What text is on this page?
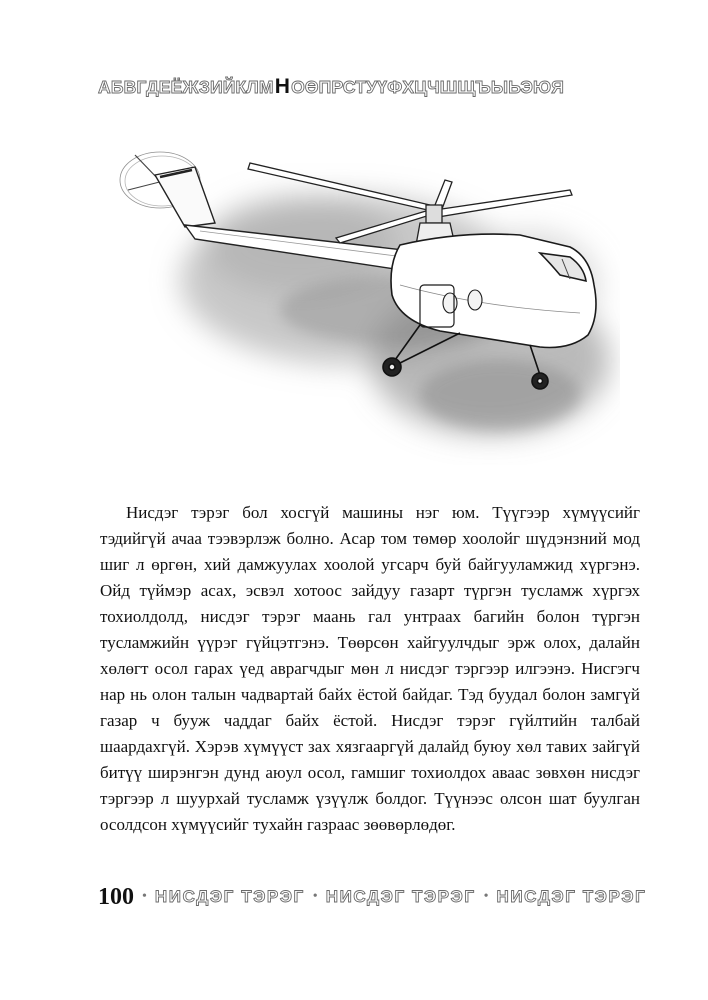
АБВГДЕЁЖЗИЙКЛМ Н ОӨПРСТУҮФХЦЧШЩЪЫЬЭЮЯ

Нисдэг тэрэг бол хосгүй машины нэг юм. Түүгээр хүмүүсийг тэдийгүй ачаа тээвэрлэж болно. Асар том төмөр хоолойг шүдэнзний мод шиг л өргөн, хий дамжуулах хоолой угсарч буй байгууламжид хүргэнэ. Ойд түймэр асах, эсвэл хотоос зайдуу газарт түргэн тусламж хүргэх тохиолдолд, нисдэг тэрэг маань гал унтраах багийн болон түргэн тусламжийн үүрэг гүйцэтгэнэ. Төөрсөн хайгуулчдыг эрж олох, далайн хөлөгт осол гарах үед аврагчдыг мөн л нисдэг тэргээр илгээнэ. Нисгэгч нар нь олон талын чадвартай байх ёстой байдаг. Тэд буудал болон замгүй газар ч бууж чаддаг байх ёстой. Нисдэг тэрэг гүйлтийн талбай шаардахгүй. Хэрэв хүмүүст зах хязгааргүй далайд буюу хөл тавих зайгүй битүү ширэнгэн дунд аюул осол, гамшиг тохиолдох аваас зөвхөн нисдэг тэргээр л шуурхай тусламж үзүүлж болдог. Түүнээс олсон шат буулган осолдсон хүмүүсийг тухайн газраас зөөвөрлөдөг.

100 • НИСДЭГ ТЭРЭГ • НИСДЭГ ТЭРЭГ • НИСДЭГ ТЭРЭГ
